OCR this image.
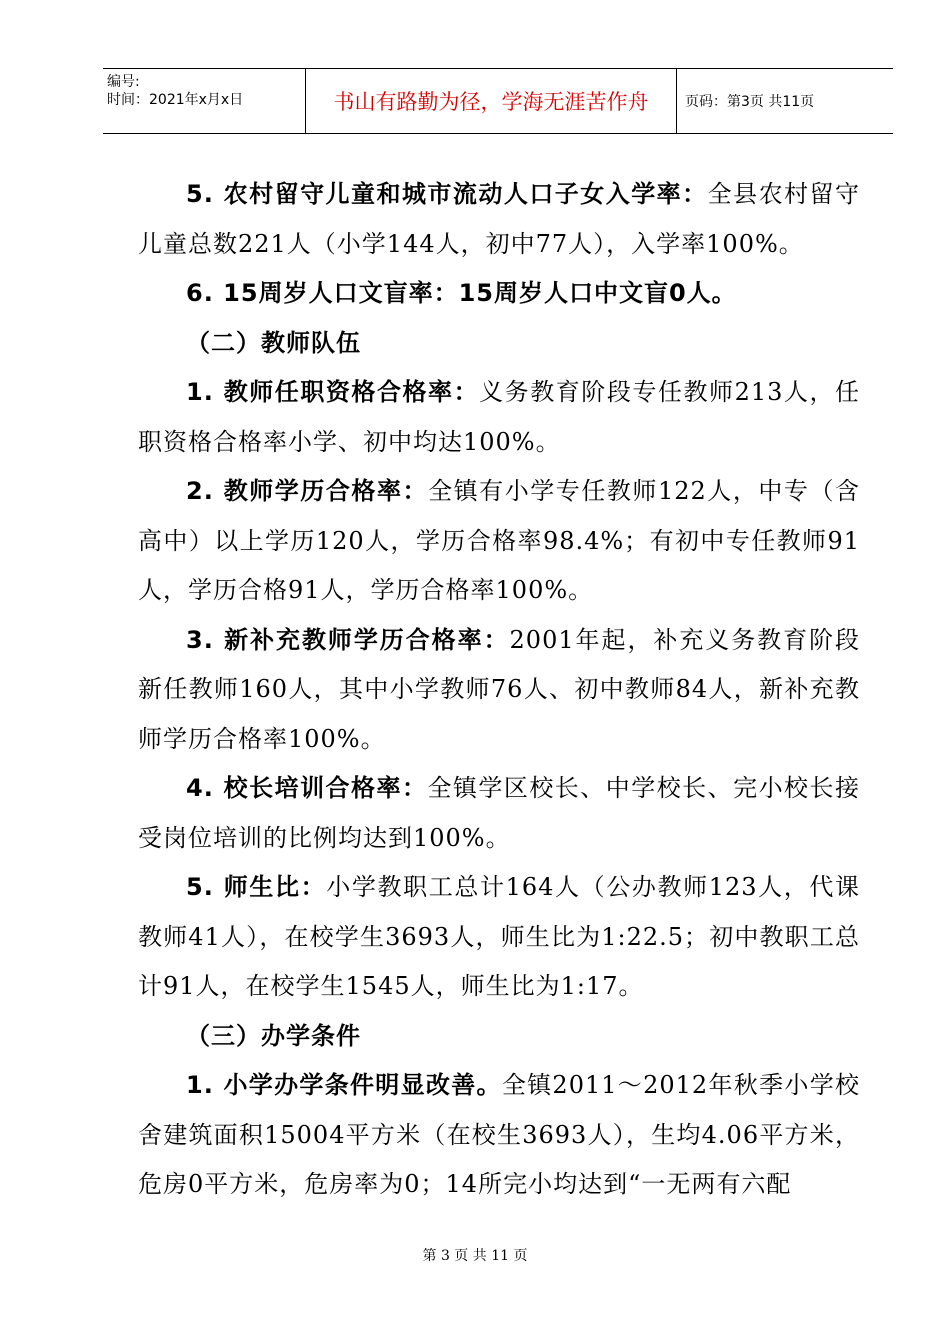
编号:
时间：2021年x月x日	书山有路勤为径，学海无涯苦作舟	页码：第3页 共11页

5. 农村留守儿童和城市流动人口子女入学率：全县农村留守儿童总数221人（小学144人，初中77人），入学率100%。

6. 15周岁人口文盲率：15周岁人口中文盲0人。

（二）教师队伍

1. 教师任职资格合格率：义务教育阶段专任教师213人，任职资格合格率小学、初中均达100%。

2. 教师学历合格率：全镇有小学专任教师122人，中专（含高中）以上学历120人，学历合格率98.4%；有初中专任教师91人，学历合格91人，学历合格率100%。

3. 新补充教师学历合格率：2001年起，补充义务教育阶段新任教师160人，其中小学教师76人、初中教师84人，新补充教师学历合格率100%。

4. 校长培训合格率：全镇学区校长、中学校长、完小校长接受岗位培训的比例均达到100%。

5. 师生比：小学教职工总计164人（公办教师123人，代课教师41人），在校学生3693人，师生比为1:22.5；初中教职工总计91人，在校学生1545人，师生比为1:17。

（三）办学条件

1. 小学办学条件明显改善。全镇2011～2012年秋季小学校舍建筑面积15004平方米（在校生3693人），生均4.06平方米，危房0平方米，危房率为0；14所完小均达到“一无两有六配

第 3 页 共 11 页
